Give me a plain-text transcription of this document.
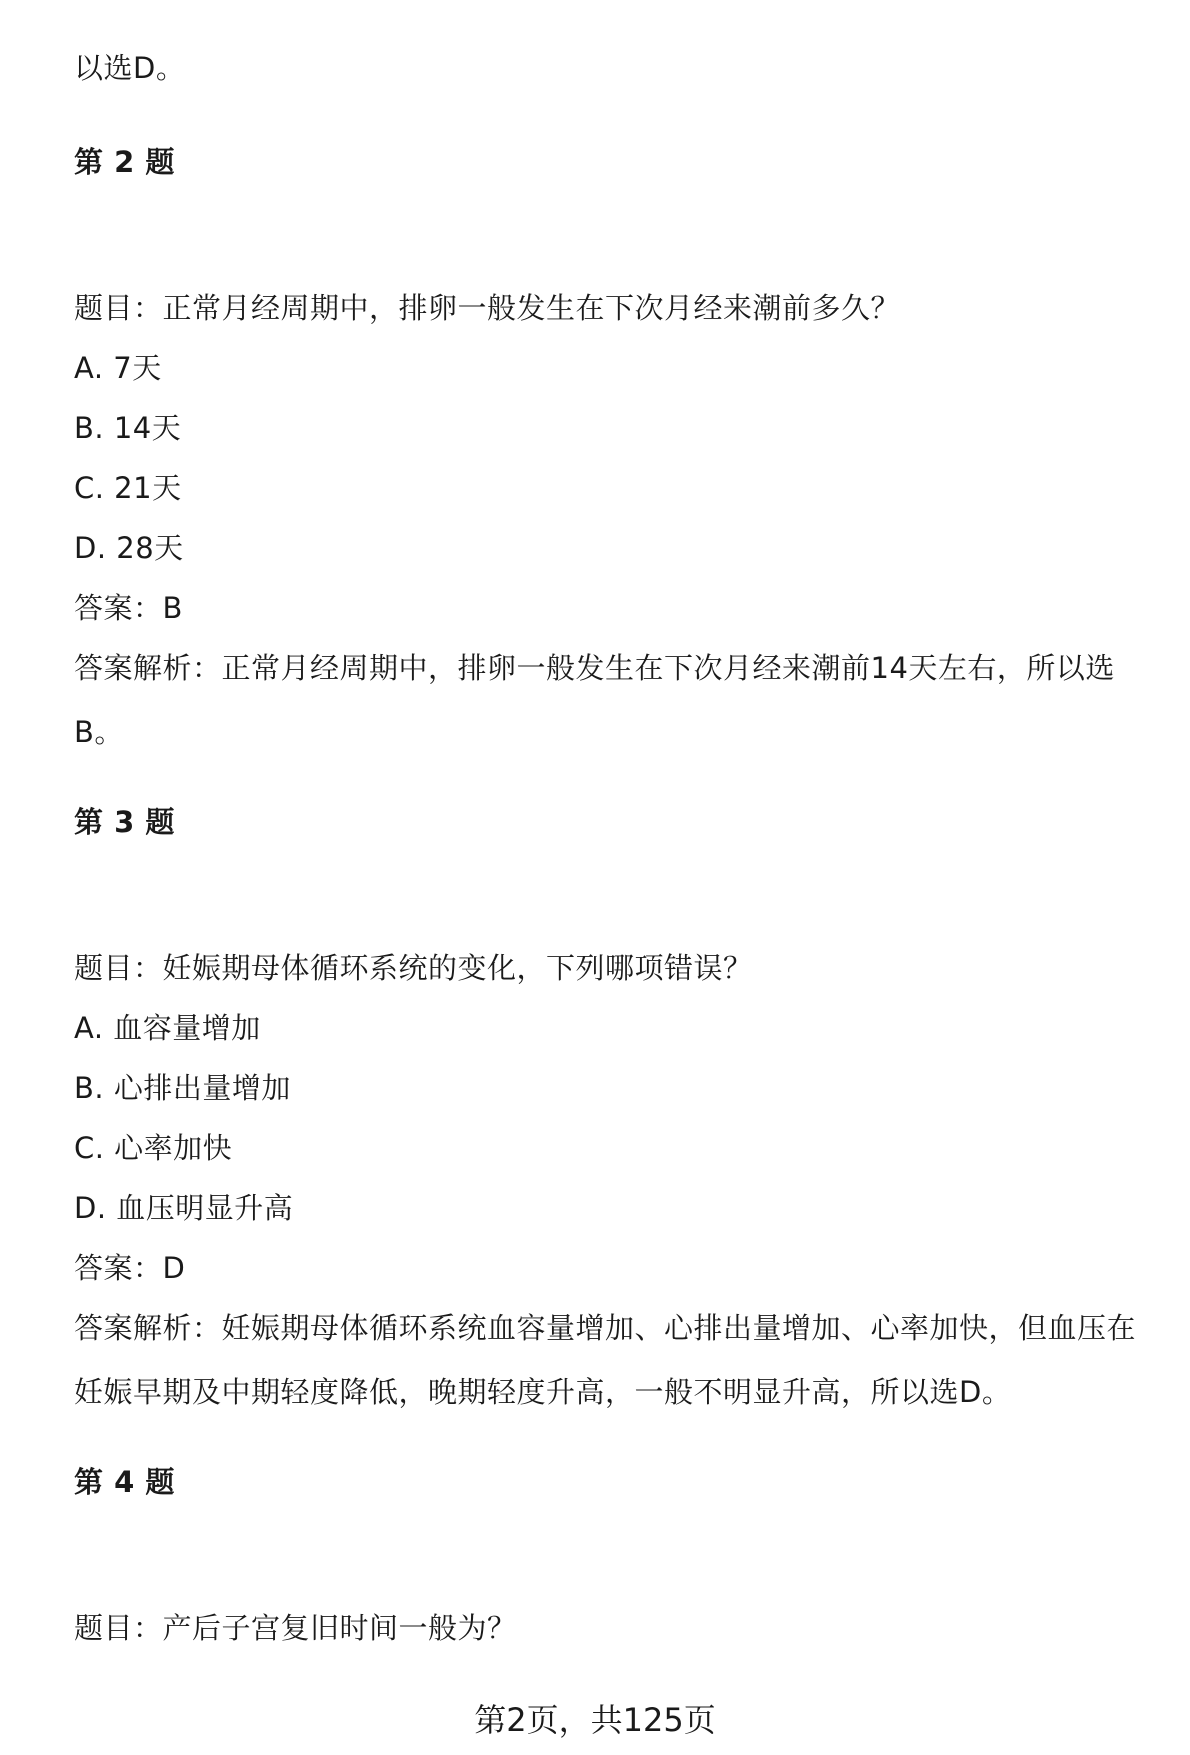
以选D。
第 2 题
题目：正常月经周期中，排卵一般发生在下次月经来潮前多久？
A. 7天
B. 14天
C. 21天
D. 28天
答案：B
答案解析：正常月经周期中，排卵一般发生在下次月经来潮前14天左右，所以选
B。
第 3 题
题目：妊娠期母体循环系统的变化，下列哪项错误？
A. 血容量增加
B. 心排出量增加
C. 心率加快
D. 血压明显升高
答案：D
答案解析：妊娠期母体循环系统血容量增加、心排出量增加、心率加快，但血压在
妊娠早期及中期轻度降低，晚期轻度升高，一般不明显升高，所以选D。
第 4 题
题目：产后子宫复旧时间一般为？
第2页，共125页
